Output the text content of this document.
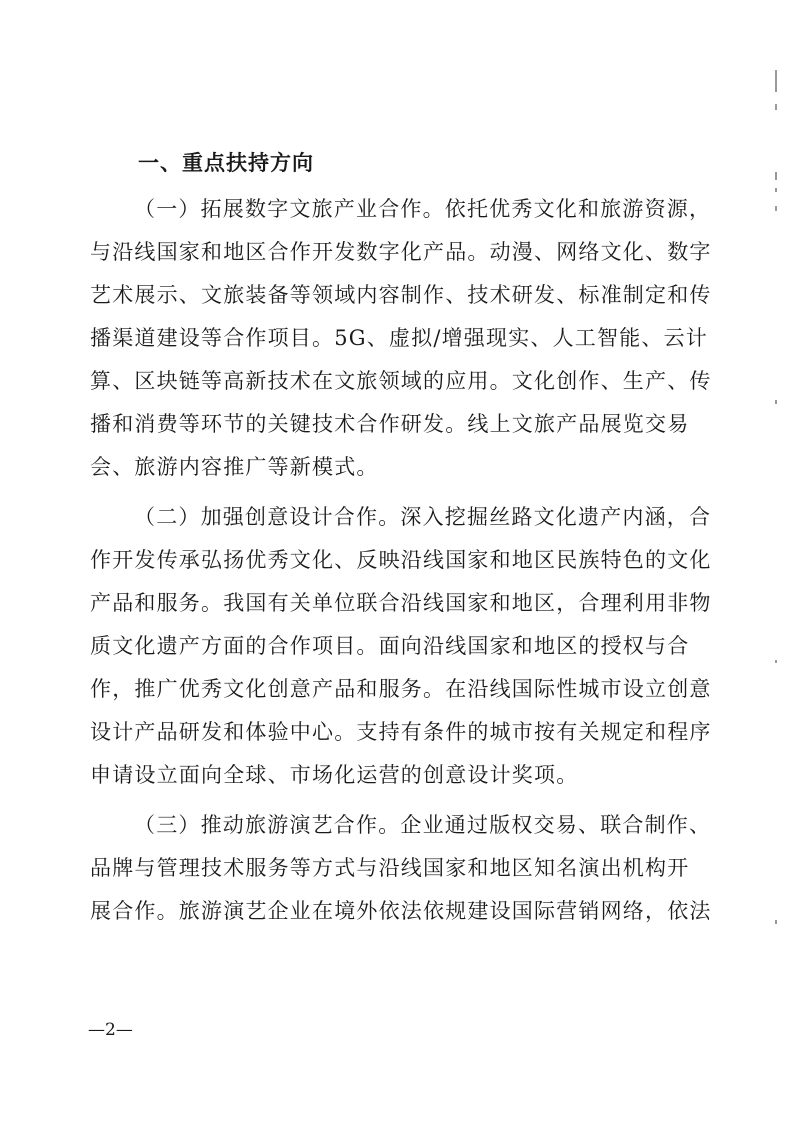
一、重点扶持方向
（一）拓展数字文旅产业合作。依托优秀文化和旅游资源，
与沿线国家和地区合作开发数字化产品。动漫、网络文化、数字
艺术展示、文旅装备等领域内容制作、技术研发、标准制定和传
播渠道建设等合作项目。5G、虚拟/增强现实、人工智能、云计
算、区块链等高新技术在文旅领域的应用。文化创作、生产、传
播和消费等环节的关键技术合作研发。线上文旅产品展览交易
会、旅游内容推广等新模式。
（二）加强创意设计合作。深入挖掘丝路文化遗产内涵，合
作开发传承弘扬优秀文化、反映沿线国家和地区民族特色的文化
产品和服务。我国有关单位联合沿线国家和地区，合理利用非物
质文化遗产方面的合作项目。面向沿线国家和地区的授权与合
作，推广优秀文化创意产品和服务。在沿线国际性城市设立创意
设计产品研发和体验中心。支持有条件的城市按有关规定和程序
申请设立面向全球、市场化运营的创意设计奖项。
（三）推动旅游演艺合作。企业通过版权交易、联合制作、
品牌与管理技术服务等方式与沿线国家和地区知名演出机构开
展合作。旅游演艺企业在境外依法依规建设国际营销网络，依法
—2—
